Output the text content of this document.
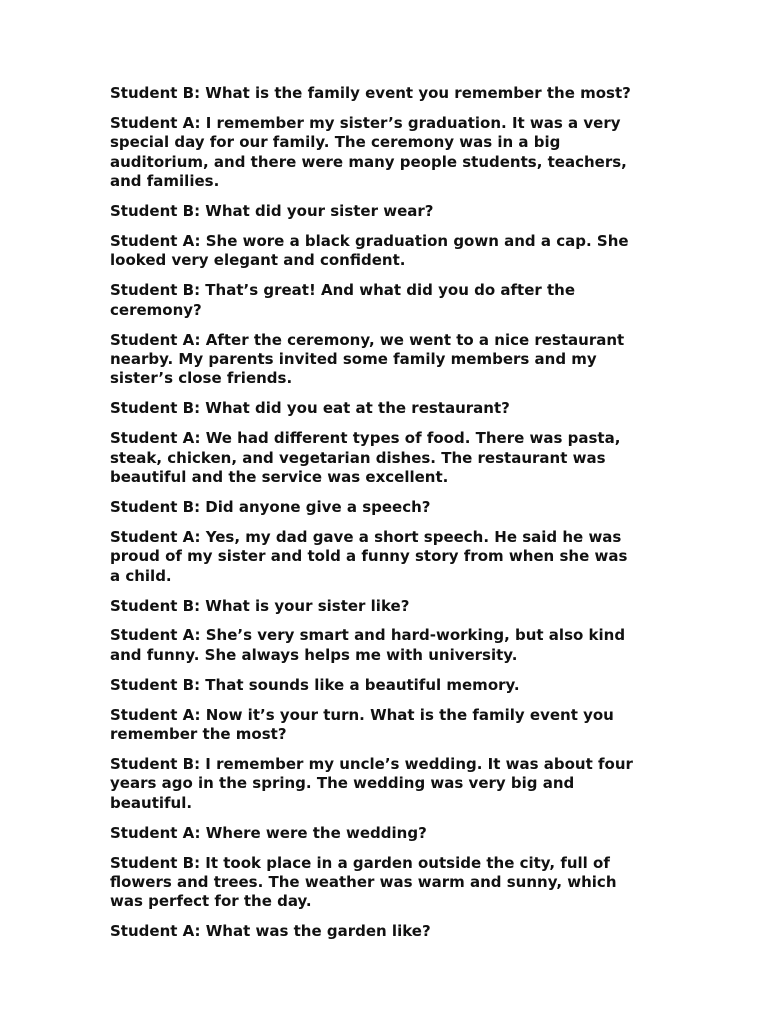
Student B: What is the family event you remember the most?

Student A: I remember my sister’s graduation. It was a very
special day for our family. The ceremony was in a big
auditorium, and there were many people students, teachers,
and families.

Student B: What did your sister wear?

Student A: She wore a black graduation gown and a cap. She
looked very elegant and confident.

Student B: That’s great! And what did you do after the
ceremony?

Student A: After the ceremony, we went to a nice restaurant
nearby. My parents invited some family members and my
sister’s close friends.

Student B: What did you eat at the restaurant?

Student A: We had different types of food. There was pasta,
steak, chicken, and vegetarian dishes. The restaurant was
beautiful and the service was excellent.

Student B: Did anyone give a speech?

Student A: Yes, my dad gave a short speech. He said he was
proud of my sister and told a funny story from when she was
a child.

Student B: What is your sister like?

Student A: She’s very smart and hard-working, but also kind
and funny. She always helps me with university.

Student B: That sounds like a beautiful memory.

Student A: Now it’s your turn. What is the family event you
remember the most?

Student B: I remember my uncle’s wedding. It was about four
years ago in the spring. The wedding was very big and
beautiful.

Student A: Where were the wedding?

Student B: It took place in a garden outside the city, full of
flowers and trees. The weather was warm and sunny, which
was perfect for the day.

Student A: What was the garden like?
